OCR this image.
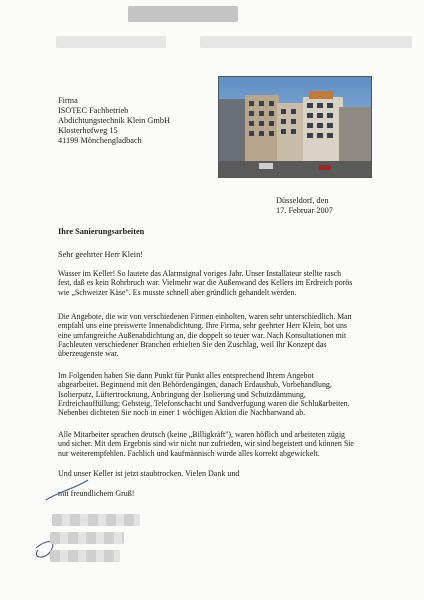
Firma
ISOTEC Fachbetrieb
Abdichtungstechnik Klein GmbH
Klosterhofweg 15
41199 Mönchengladbach
Düsseldorf, den
17. Februar 2007
Ihre Sanierungsarbeiten
Sehr geehrter Herr Klein!
Wasser im Keller! So lautete das Alarmsignal voriges Jahr. Unser Installateur stellte rasch
fest, daß es kein Rohrbruch war. Vielmehr war die Außenwand des Kellers im Erdreich porös
wie „Schweizer Käse". Es musste schnell aber gründlich gehandelt werden.
Die Angebote, die wir von verschiedenen Firmen einholten, waren sehr unterschiedlich. Man
empfahl uns eine preiswerte Innenabdichtung. Ihre Firma, sehr geehrter Herr Klein, bot uns
eine umfangreiche Außenabdichtung an, die doppelt so teuer war. Nach Konsultationen mit
Fachleuten verschiedener Branchen erhielten Sie den Zuschlag, weil Ihr Konzept das
überzeugenste war.
Im Folgenden haben Sie dann Punkt für Punkt alles entsprechend Ihrem Angebot
abgearbeitet. Beginnend mit den Behördengängen, danach Erdaushub, Vorbehandlung,
Isolierputz, Lüftertrocknung, Anbringung der Isolierung und Schutzdämmung,
Erdreichauffüllung; Gehsteig, Telefonschacht und Sandverfugung waren die Schlußarbeiten.
Nebenbei dichteten Sie noch in einer 1 wöchigen Aktion die Nachbarwand ab.
Alle Mitarbeiter sprachen deutsch (keine „Billigkräft"), waren höflich und arbeiteten zügig
und sicher. Mit dem Ergebnis sind wir nicht nur zufrieden, wir sind begeistert und können Sie
nur weiterempfehlen. Fachlich und kaufmännisch wurde alles korrekt abgewickelt.
Und unser Keller ist jetzt staubtrocken. Vielen Dank und
mit freundlichem Gruß!
